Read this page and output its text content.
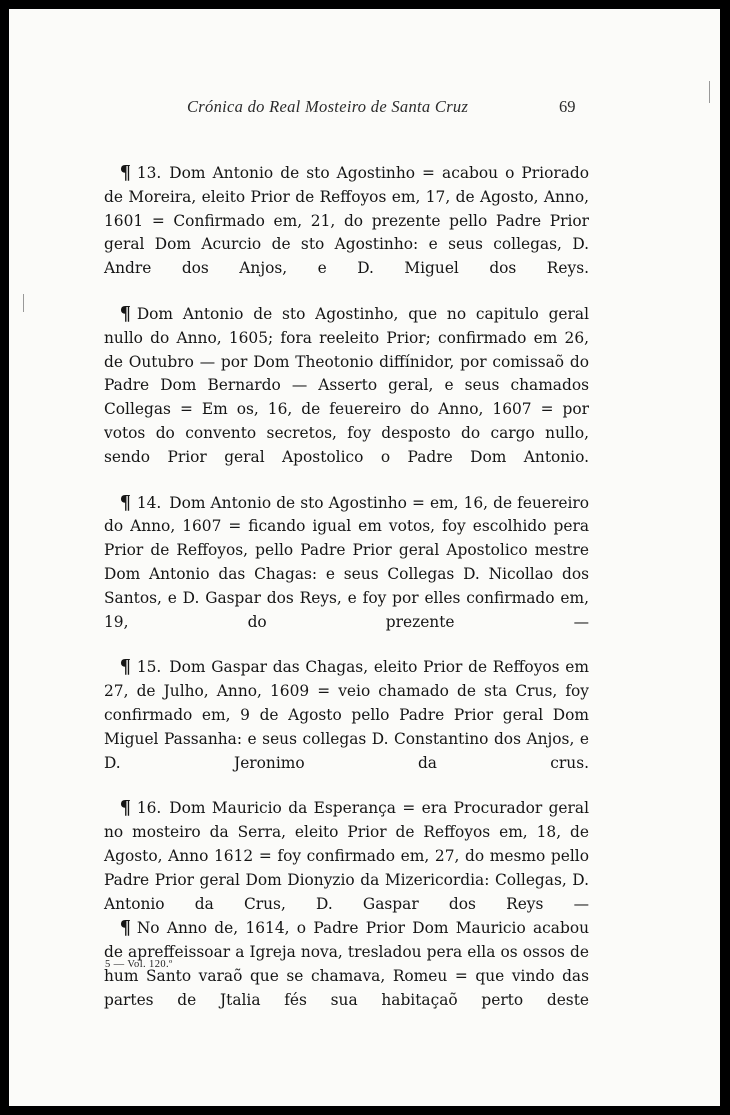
Crónica do Real Mosteiro de Santa Cruz	69

¶ 13. Dom Antonio de sto Agostinho = acabou o Priorado de Moreira, eleito Prior de Reffoyos em, 17, de Agosto, Anno, 1601 = Confirmado em, 21, do prezente pello Padre Prior geral Dom Acurcio de sto Agostinho: e seus collegas, D. Andre dos Anjos, e D. Miguel dos Reys.

¶ Dom Antonio de sto Agostinho, que no capitulo geral nullo do Anno, 1605; fora reeleito Prior; confirmado em 26, de Outubro — por Dom Theotonio diffínidor, por comissaõ do Padre Dom Bernardo — Asserto geral, e seus chamados Collegas = Em os, 16, de feuereiro do Anno, 1607 = por votos do convento secretos, foy desposto do cargo nullo, sendo Prior geral Apostolico o Padre Dom Antonio.

¶ 14. Dom Antonio de sto Agostinho = em, 16, de feuereiro do Anno, 1607 = ficando igual em votos, foy escolhido pera Prior de Reffoyos, pello Padre Prior geral Apostolico mestre Dom Antonio das Chagas: e seus Collegas D. Nicollao dos Santos, e D. Gaspar dos Reys, e foy por elles confirmado em, 19, do prezente —

¶ 15. Dom Gaspar das Chagas, eleito Prior de Reffoyos em 27, de Julho, Anno, 1609 = veio chamado de sta Crus, foy confirmado em, 9 de Agosto pello Padre Prior geral Dom Miguel Passanha: e seus collegas D. Constantino dos Anjos, e D. Jeronimo da crus.

¶ 16. Dom Mauricio da Esperança = era Procurador geral no mosteiro da Serra, eleito Prior de Reffoyos em, 18, de Agosto, Anno 1612 = foy confirmado em, 27, do mesmo pello Padre Prior geral Dom Dionyzio da Mizericordia: Collegas, D. Antonio da Crus, D. Gaspar dos Reys —

¶ No Anno de, 1614, o Padre Prior Dom Mauricio acabou de apreffeissoar a Igreja nova, tresladou pera ella os ossos de hum Santo varaõ que se chamava, Romeu = que vindo das partes de Jtalia fés sua habitaçaõ perto deste

5 — Vol. 120.º
